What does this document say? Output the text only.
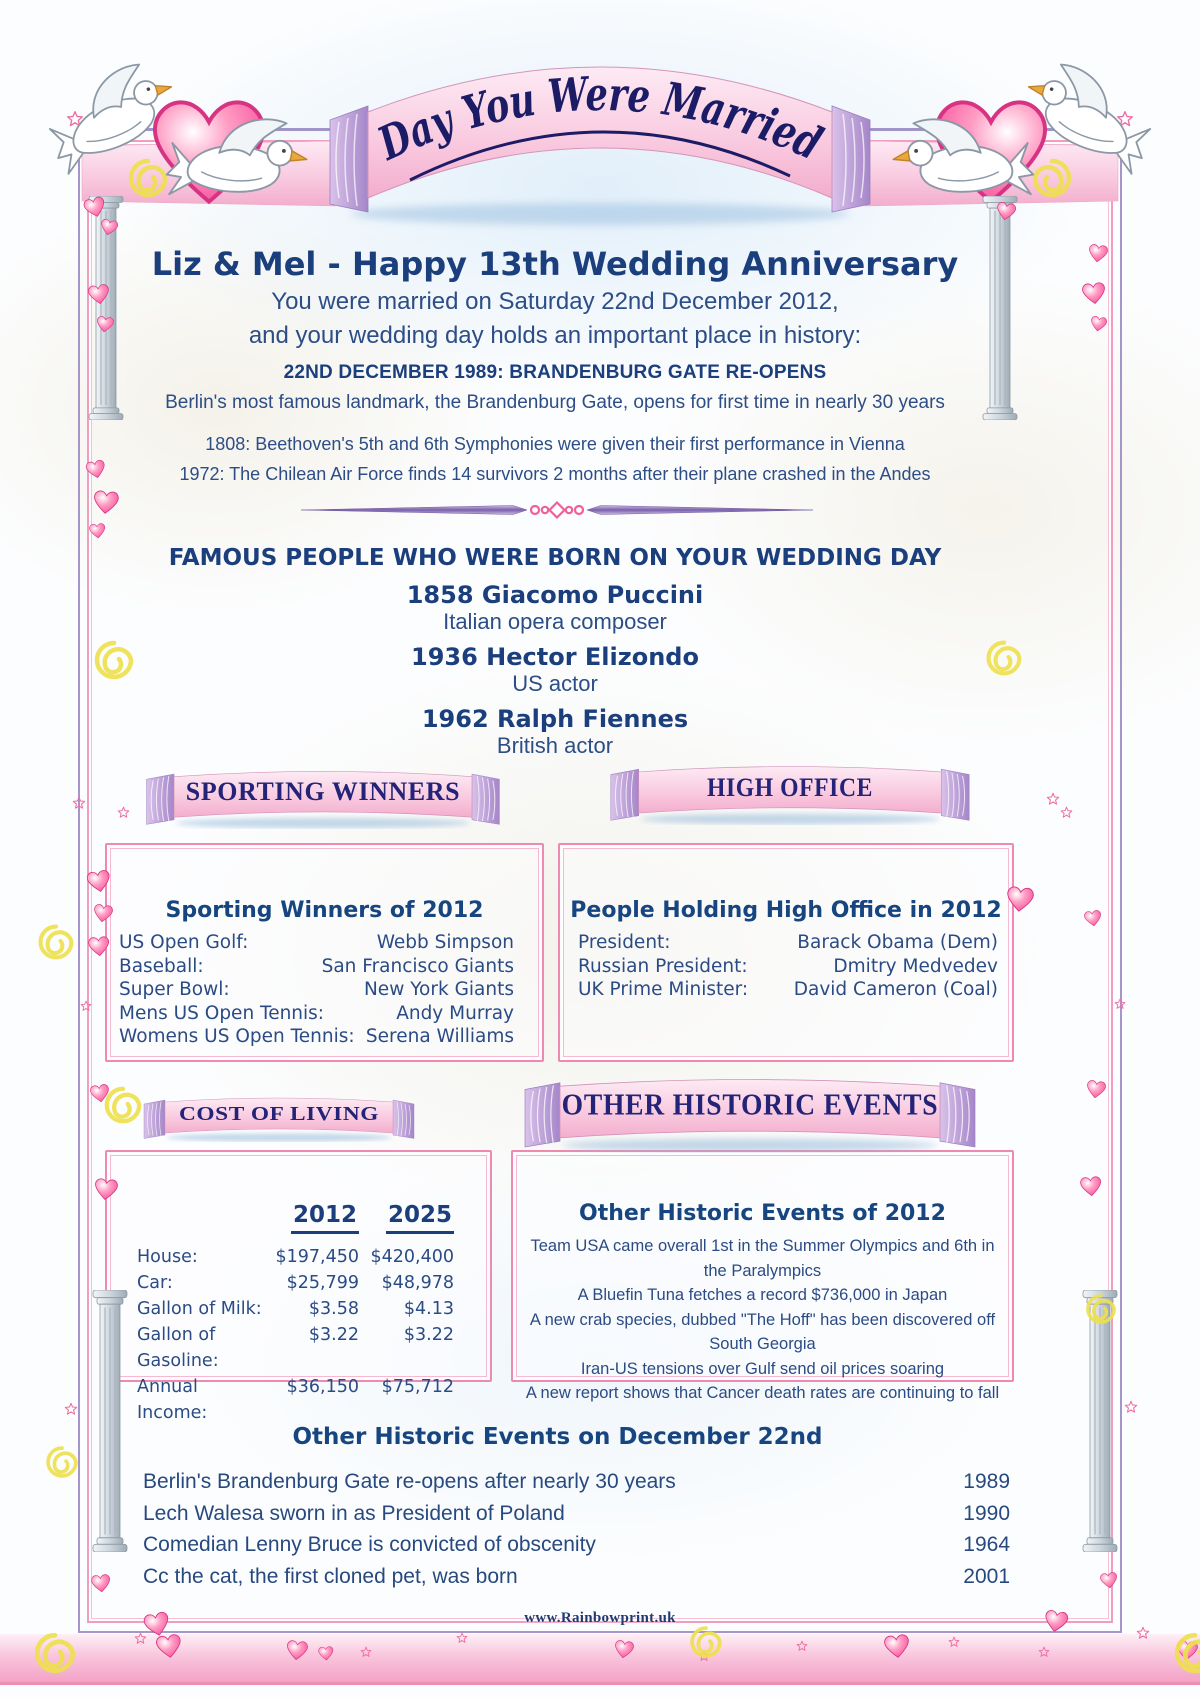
Day You Were Married
Liz & Mel - Happy 13th Wedding Anniversary

You were married on Saturday 22nd December 2012,

and your wedding day holds an important place in history:

22ND DECEMBER 1989: BRANDENBURG GATE RE-OPENS

Berlin's most famous landmark, the Brandenburg Gate, opens for first time in nearly 30 years

1808: Beethoven's 5th and 6th Symphonies were given their first performance in Vienna

1972: The Chilean Air Force finds 14 survivors 2 months after their plane crashed in the Andes

FAMOUS PEOPLE WHO WERE BORN ON YOUR WEDDING DAY

1858 Giacomo Puccini

Italian opera composer

1936 Hector Elizondo

US actor

1962 Ralph Fiennes

British actor

SPORTING WINNERS	HIGH OFFICE
COST OF LIVING	OTHER HISTORIC EVENTS
Sporting Winners of 2012
US Open Golf:	Webb Simpson
Baseball:	San Francisco Giants
Super Bowl:	New York Giants
Mens US Open Tennis:	Andy Murray
Womens US Open Tennis: Serena Williams
People Holding High Office in 2012
President:	Barack Obama (Dem)
Russian President:	Dmitry Medvedev
UK Prime Minister: David Cameron (Coal)
2012 2025
House:	$197,450 $420,400
Car:	$25,799 $48,978
Gallon of Milk:	$3.58	$4.13
Gallon of Gasoline:
$3.22	$3.22
Annual Income:
$36,150 $75,712
Other Historic Events of 2012

Team USA came overall 1st in the Summer Olympics and 6th in the Paralympics

A Bluefin Tuna fetches a record $736,000 in Japan

A new crab species, dubbed "The Hoff" has been discovered off South Georgia

Iran-US tensions over Gulf send oil prices soaring

A new report shows that Cancer death rates are continuing to fall

Other Historic Events on December 22nd
Berlin's Brandenburg Gate re-opens after nearly 30 years	1989
Lech Walesa sworn in as President of Poland	1990
Comedian Lenny Bruce is convicted of obscenity	1964
Cc the cat, the first cloned pet, was born	2001
www.Rainbowprint.uk
